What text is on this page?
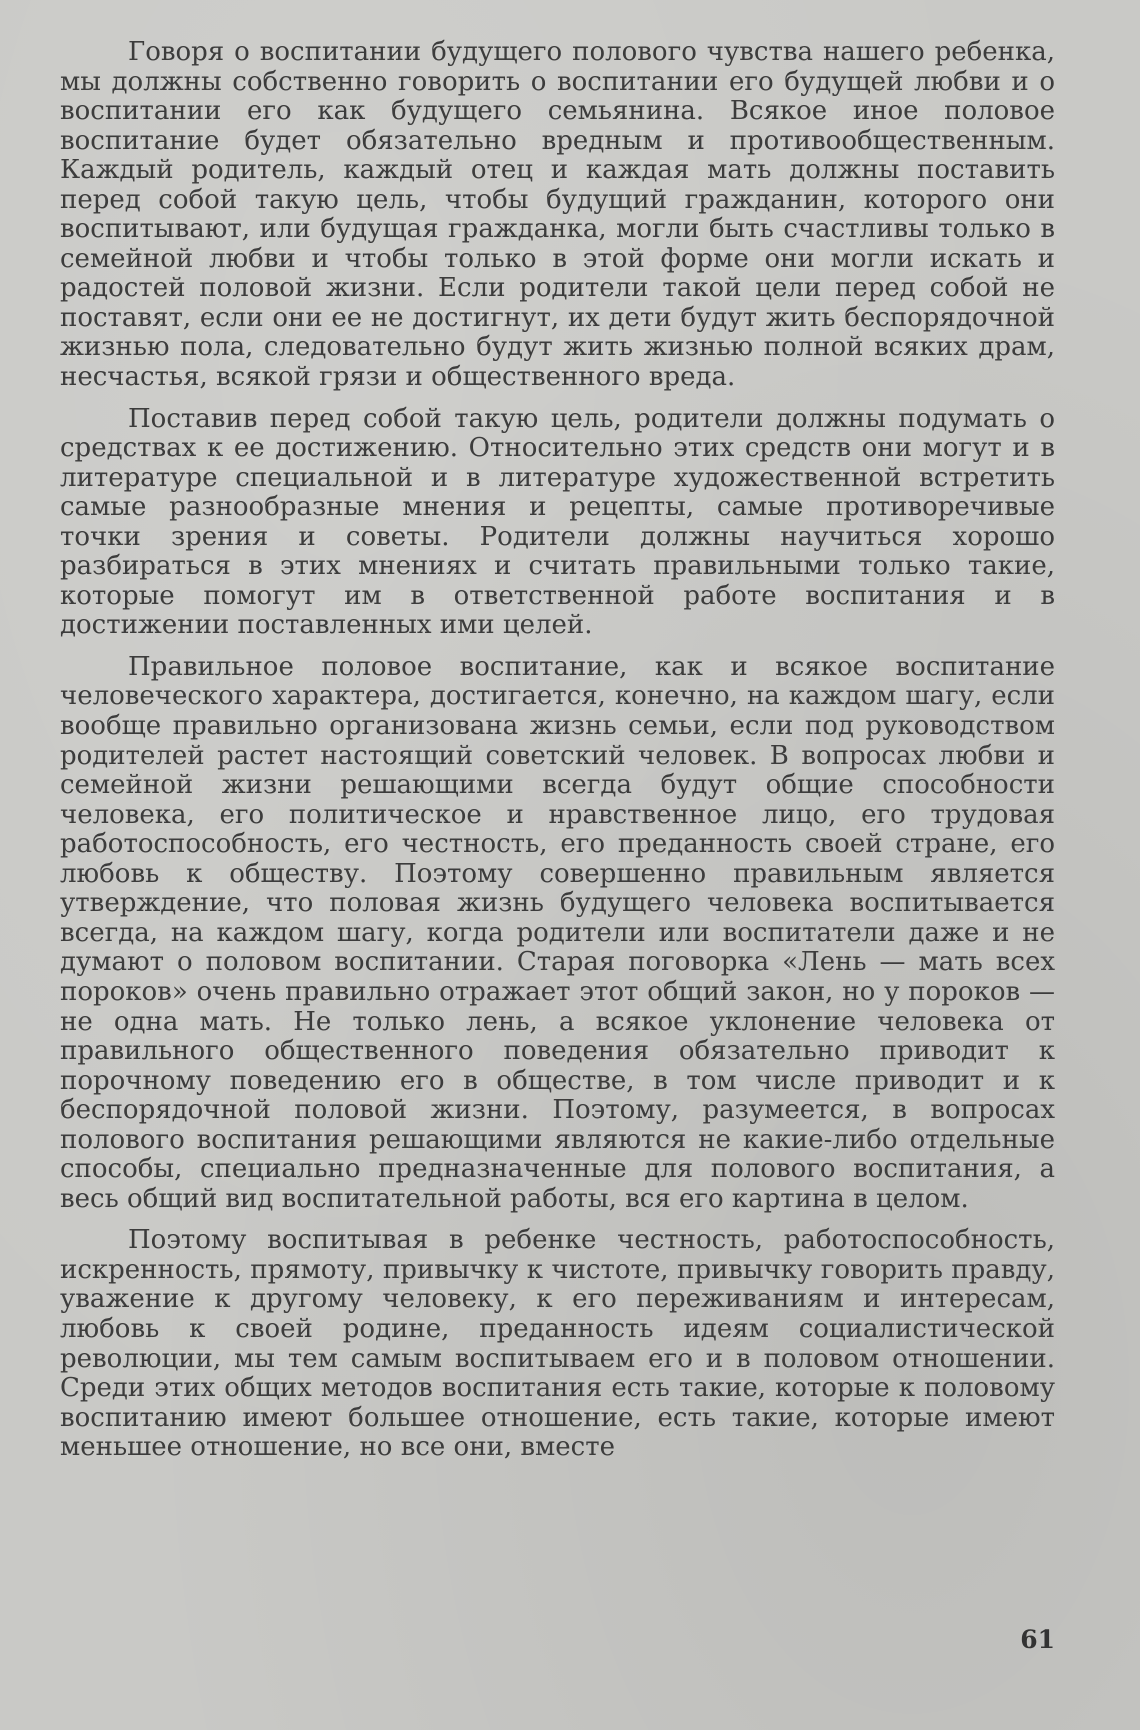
Говоря о воспитании будущего полового чувства нашего ребенка, мы должны собственно говорить о воспитании его будущей любви и о воспитании его как будущего семьянина. Всякое иное половое воспитание будет обязательно вредным и противообщественным. Каждый родитель, каждый отец и каждая мать должны поставить перед собой такую цель, чтобы будущий гражданин, которого они воспитывают, или будущая гражданка, могли быть счастливы только в семейной любви и чтобы только в этой форме они могли искать и радостей половой жизни. Если родители такой цели перед собой не поставят, если они ее не достигнут, их дети будут жить беспорядочной жизнью пола, следовательно будут жить жизнью полной всяких драм, несчастья, всякой грязи и общественного вреда.

Поставив перед собой такую цель, родители должны подумать о средствах к ее достижению. Относительно этих средств они могут и в литературе специальной и в литературе художественной встретить самые разнообразные мнения и рецепты, самые противоречивые точки зрения и советы. Родители должны научиться хорошо разбираться в этих мнениях и считать правильными только такие, которые помогут им в ответственной работе воспитания и в достижении поставленных ими целей.

Правильное половое воспитание, как и всякое воспитание человеческого характера, достигается, конечно, на каждом шагу, если вообще правильно организована жизнь семьи, если под руководством родителей растет настоящий советский человек. В вопросах любви и семейной жизни решающими всегда будут общие способности человека, его политическое и нравственное лицо, его трудовая работоспособность, его честность, его преданность своей стране, его любовь к обществу. Поэтому совершенно правильным является утверждение, что половая жизнь будущего человека воспитывается всегда, на каждом шагу, когда родители или воспитатели даже и не думают о половом воспитании. Старая поговорка «Лень — мать всех пороков» очень правильно отражает этот общий закон, но у пороков — не одна мать. Не только лень, а всякое уклонение человека от правильного общественного поведения обязательно приводит к порочному поведению его в обществе, в том числе приводит и к беспорядочной половой жизни. Поэтому, разумеется, в вопросах полового воспитания решающими являются не какие-либо отдельные способы, специально предназначенные для полового воспитания, а весь общий вид воспитательной работы, вся его картина в целом.

Поэтому воспитывая в ребенке честность, работоспособность, искренность, прямоту, привычку к чистоте, привычку говорить правду, уважение к другому человеку, к его переживаниям и интересам, любовь к своей родине, преданность идеям социалистической революции, мы тем самым воспитываем его и в половом отношении. Среди этих общих методов воспитания есть такие, которые к половому воспитанию имеют большее отношение, есть такие, которые имеют меньшее отношение, но все они, вместе

61
